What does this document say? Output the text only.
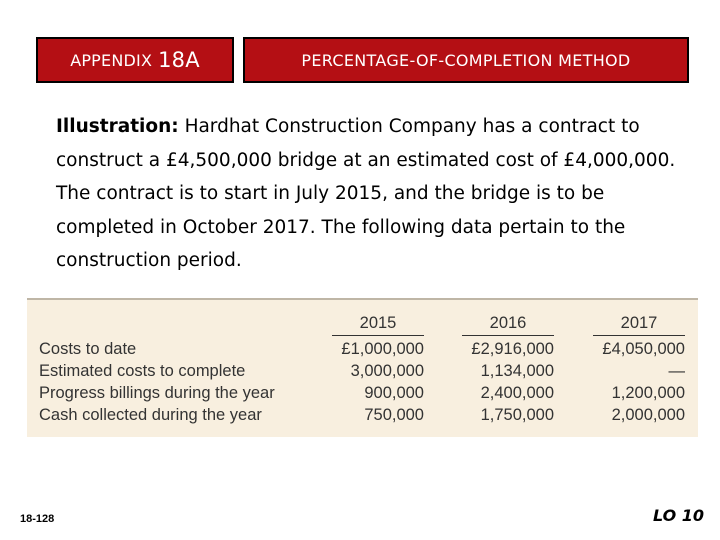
APPENDIX 18A	PERCENTAGE-OF-COMPLETION METHOD
Illustration: Hardhat Construction Company has a contract to construct a £4,500,000 bridge at an estimated cost of £4,000,000. The contract is to start in July 2015, and the bridge is to be completed in October 2017. The following data pertain to the construction period.
2015	2016	2017
Costs to date	£1,000,000	£2,916,000	£4,050,000
Estimated costs to complete	3,000,000	1,134,000	—
Progress billings during the year	900,000	2,400,000	1,200,000
Cash collected during the year	750,000	1,750,000	2,000,000
18-128	LO 10
